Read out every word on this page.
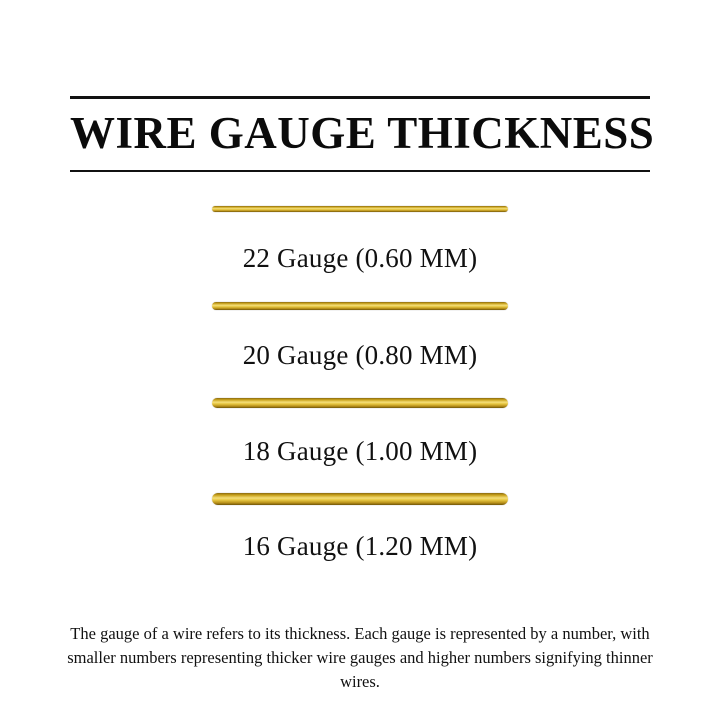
WIRE GAUGE THICKNESS
22 Gauge (0.60 MM)
20 Gauge (0.80 MM)
18 Gauge (1.00 MM)
16 Gauge (1.20 MM)
The gauge of a wire refers to its thickness. Each gauge is represented by a number, with smaller numbers representing thicker wire gauges and higher numbers signifying thinner wires.
